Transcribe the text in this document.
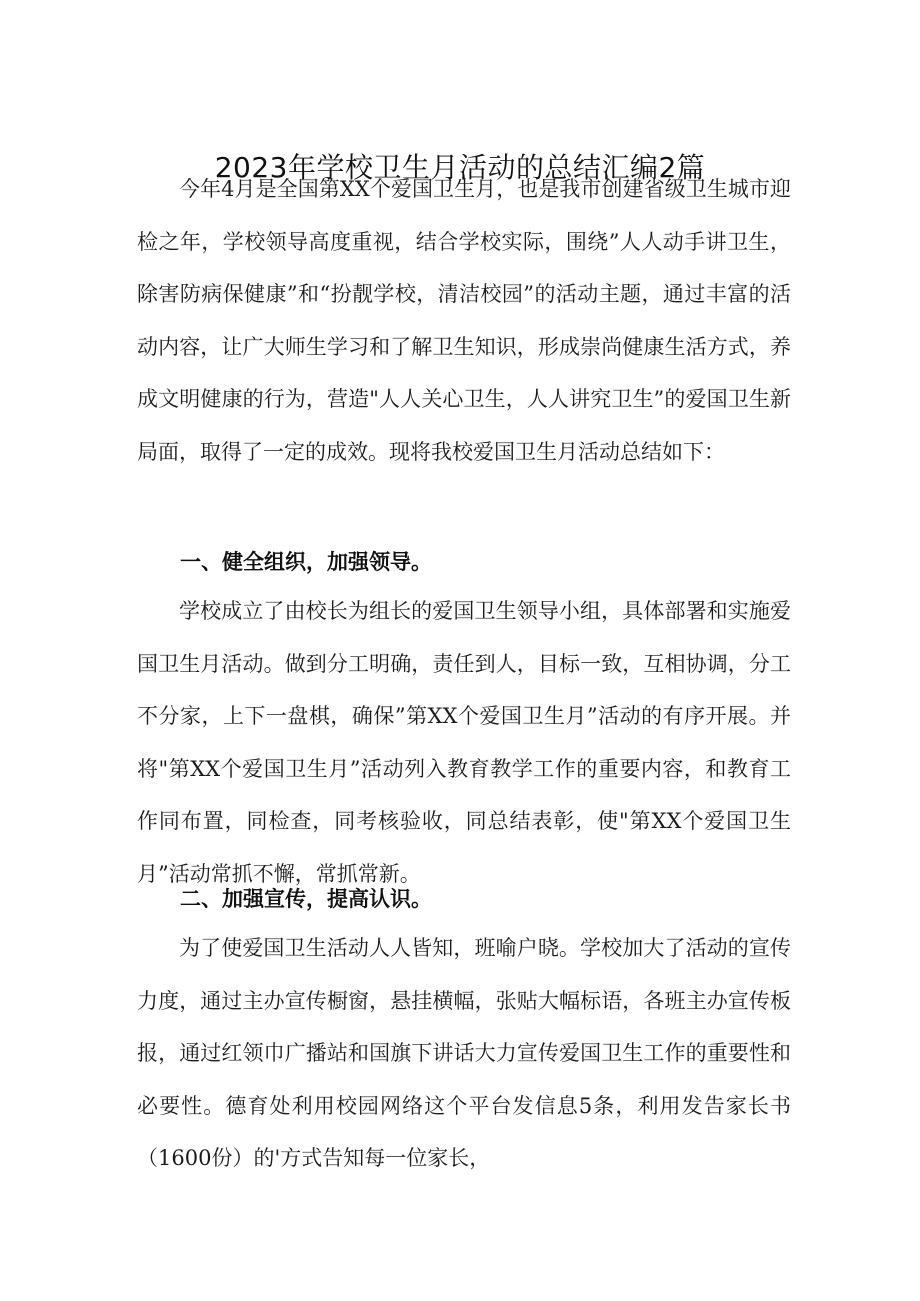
2023年学校卫生月活动的总结汇编2篇

今年4月是全国第XX个爱国卫生月，也是我市创建省级卫生城市迎检之年，学校领导高度重视，结合学校实际，围绕”人人动手讲卫生，除害防病保健康”和“扮靓学校，清洁校园”的活动主题，通过丰富的活动内容，让广大师生学习和了解卫生知识，形成崇尚健康生活方式，养成文明健康的行为，营造"人人关心卫生，人人讲究卫生”的爱国卫生新局面，取得了一定的成效。现将我校爱国卫生月活动总结如下：

一、健全组织，加强领导。

学校成立了由校长为组长的爱国卫生领导小组，具体部署和实施爱国卫生月活动。做到分工明确，责任到人，目标一致，互相协调，分工不分家，上下一盘棋，确保”第XX个爱国卫生月”活动的有序开展。并将"第XX个爱国卫生月”活动列入教育教学工作的重要内容，和教育工作同布置，同检查，同考核验收，同总结表彰，使"第XX个爱国卫生月”活动常抓不懈，常抓常新。

二、加强宣传，提高认识。

为了使爱国卫生活动人人皆知，班喻户晓。学校加大了活动的宣传力度，通过主办宣传橱窗，悬挂横幅，张贴大幅标语，各班主办宣传板报，通过红领巾广播站和国旗下讲话大力宣传爱国卫生工作的重要性和必要性。德育处利用校园网络这个平台发信息5条，利用发告家长书（1600份）的'方式告知每一位家长，
